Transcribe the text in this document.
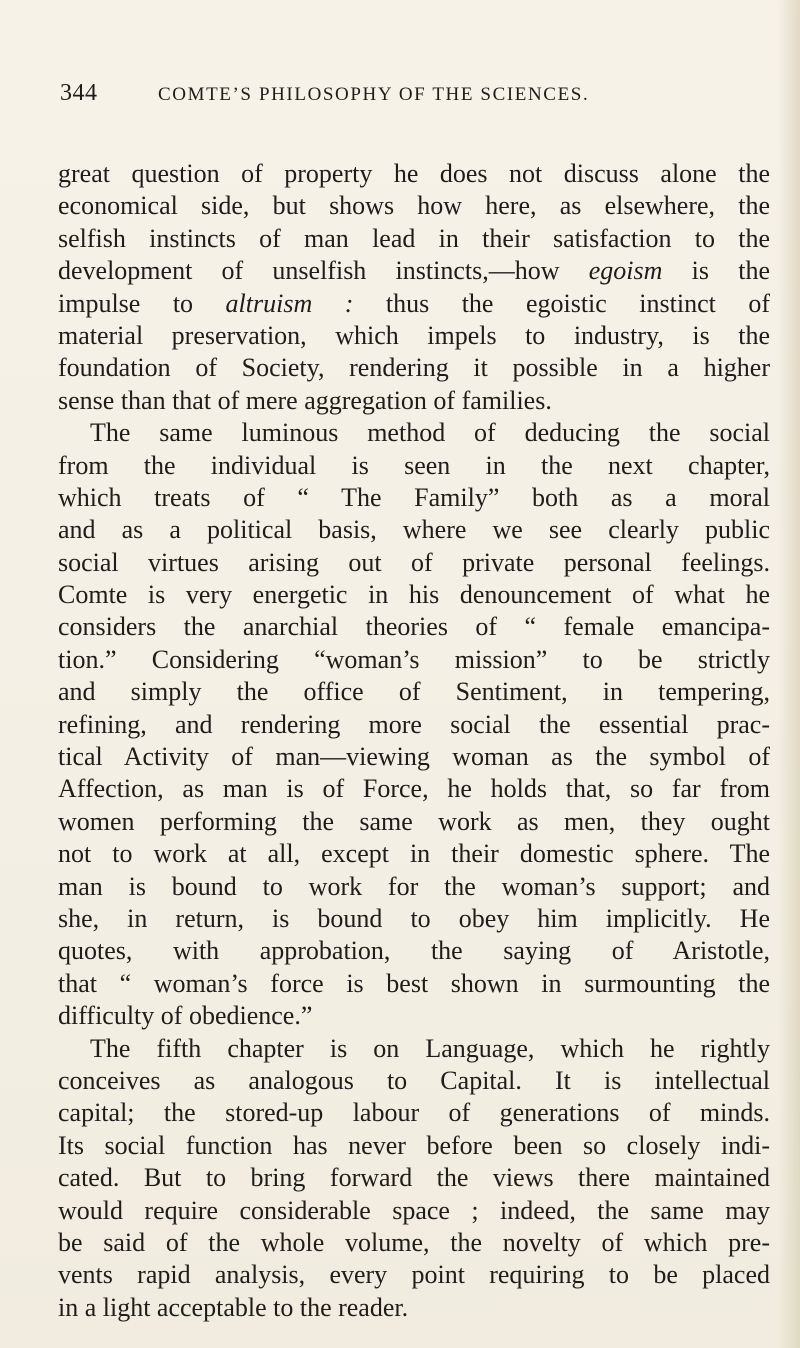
344	COMTE’S PHILOSOPHY OF THE SCIENCES.
great question of property he does not discuss alone the
economical side, but shows how here, as elsewhere, the
selfish instincts of man lead in their satisfaction to the
development of unselfish instincts,—how egoism is the
impulse to altruism : thus the egoistic instinct of
material preservation, which impels to industry, is the
foundation of Society, rendering it possible in a higher
sense than that of mere aggregation of families.
The same luminous method of deducing the social
from the individual is seen in the next chapter,
which treats of “ The Family” both as a moral
and as a political basis, where we see clearly public
social virtues arising out of private personal feelings.
Comte is very energetic in his denouncement of what he
considers the anarchial theories of “ female emancipa-
tion.” Considering “woman’s mission” to be strictly
and simply the office of Sentiment, in tempering,
refining, and rendering more social the essential prac-
tical Activity of man—viewing woman as the symbol of
Affection, as man is of Force, he holds that, so far from
women performing the same work as men, they ought
not to work at all, except in their domestic sphere. The
man is bound to work for the woman’s support; and
she, in return, is bound to obey him implicitly. He
quotes, with approbation, the saying of Aristotle,
that “ woman’s force is best shown in surmounting the
difficulty of obedience.”
The fifth chapter is on Language, which he rightly
conceives as analogous to Capital. It is intellectual
capital; the stored-up labour of generations of minds.
Its social function has never before been so closely indi-
cated. But to bring forward the views there maintained
would require considerable space ; indeed, the same may
be said of the whole volume, the novelty of which pre-
vents rapid analysis, every point requiring to be placed
in a light acceptable to the reader.
